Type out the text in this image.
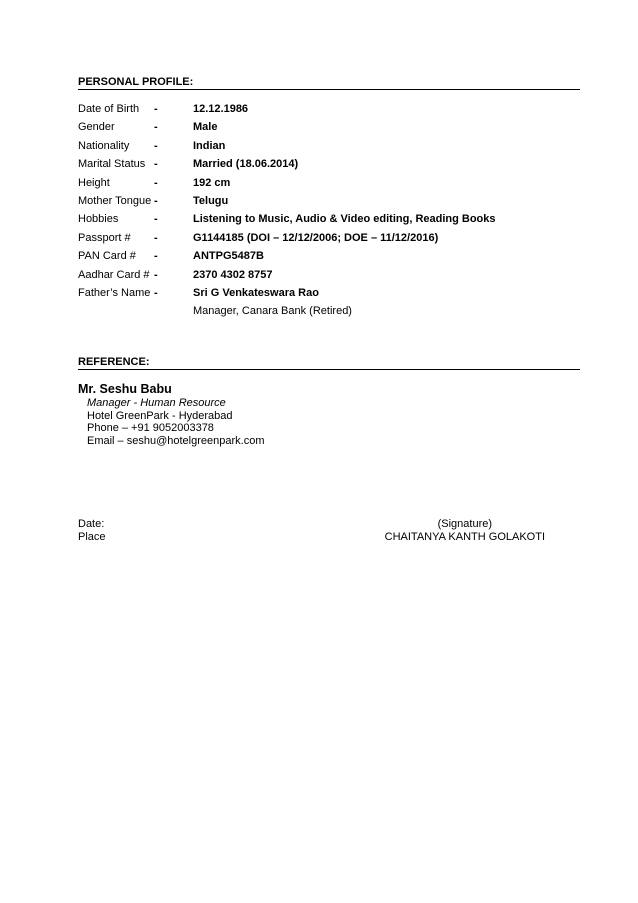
PERSONAL PROFILE:
Date of Birth -	12.12.1986
Gender	-	Male
Nationality -	Indian
Marital Status -	Married (18.06.2014)
Height	-	192 cm
Mother Tongue -	Telugu
Hobbies	-	Listening to Music, Audio & Video editing, Reading Books
Passport # -	G1144185 (DOI – 12/12/2006; DOE – 11/12/2016)
PAN Card # -	ANTPG5487B
Aadhar Card # -	2370 4302 8757
Father’s Name -	Sri G Venkateswara Rao
Manager, Canara Bank (Retired)
REFERENCE:
Mr. Seshu Babu
Manager - Human Resource
Hotel GreenPark - Hyderabad
Phone – +91 9052003378
Email – seshu@hotelgreenpark.com
Date:
Place
(Signature)
CHAITANYA KANTH GOLAKOTI
